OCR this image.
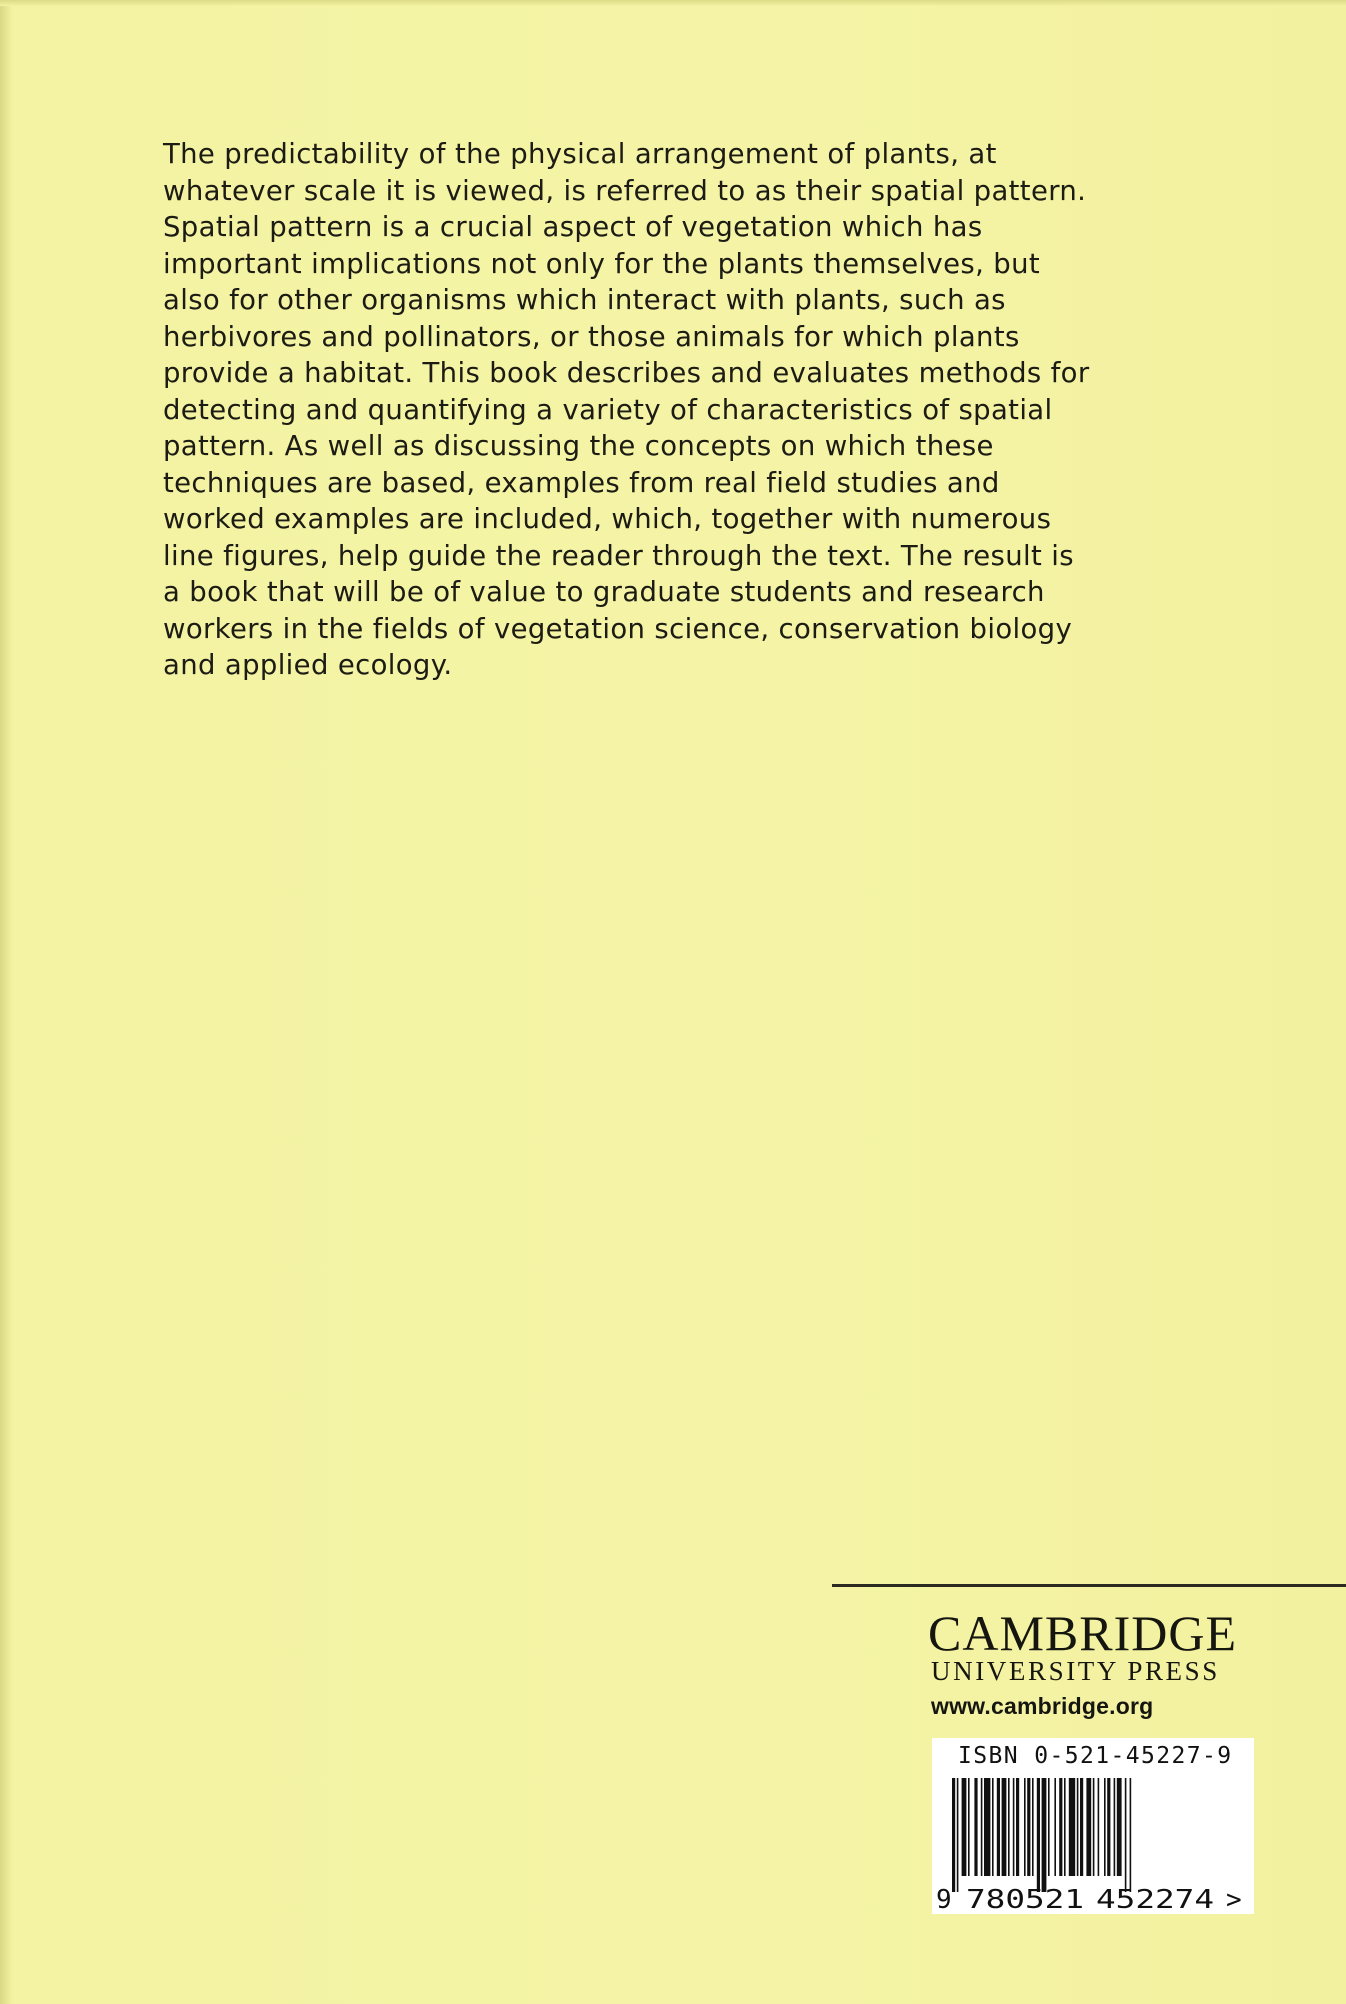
The predictability of the physical arrangement of plants, at
whatever scale it is viewed, is referred to as their spatial pattern.
Spatial pattern is a crucial aspect of vegetation which has
important implications not only for the plants themselves, but
also for other organisms which interact with plants, such as
herbivores and pollinators, or those animals for which plants
provide a habitat. This book describes and evaluates methods for
detecting and quantifying a variety of characteristics of spatial
pattern. As well as discussing the concepts on which these
techniques are based, examples from real field studies and
worked examples are included, which, together with numerous
line figures, help guide the reader through the text. The result is
a book that will be of value to graduate students and research
workers in the fields of vegetation science, conservation biology
and applied ecology.

CAMBRIDGE
UNIVERSITY PRESS
www.cambridge.org
ISBN 0-521-45227-9
9 780521 452274 >
